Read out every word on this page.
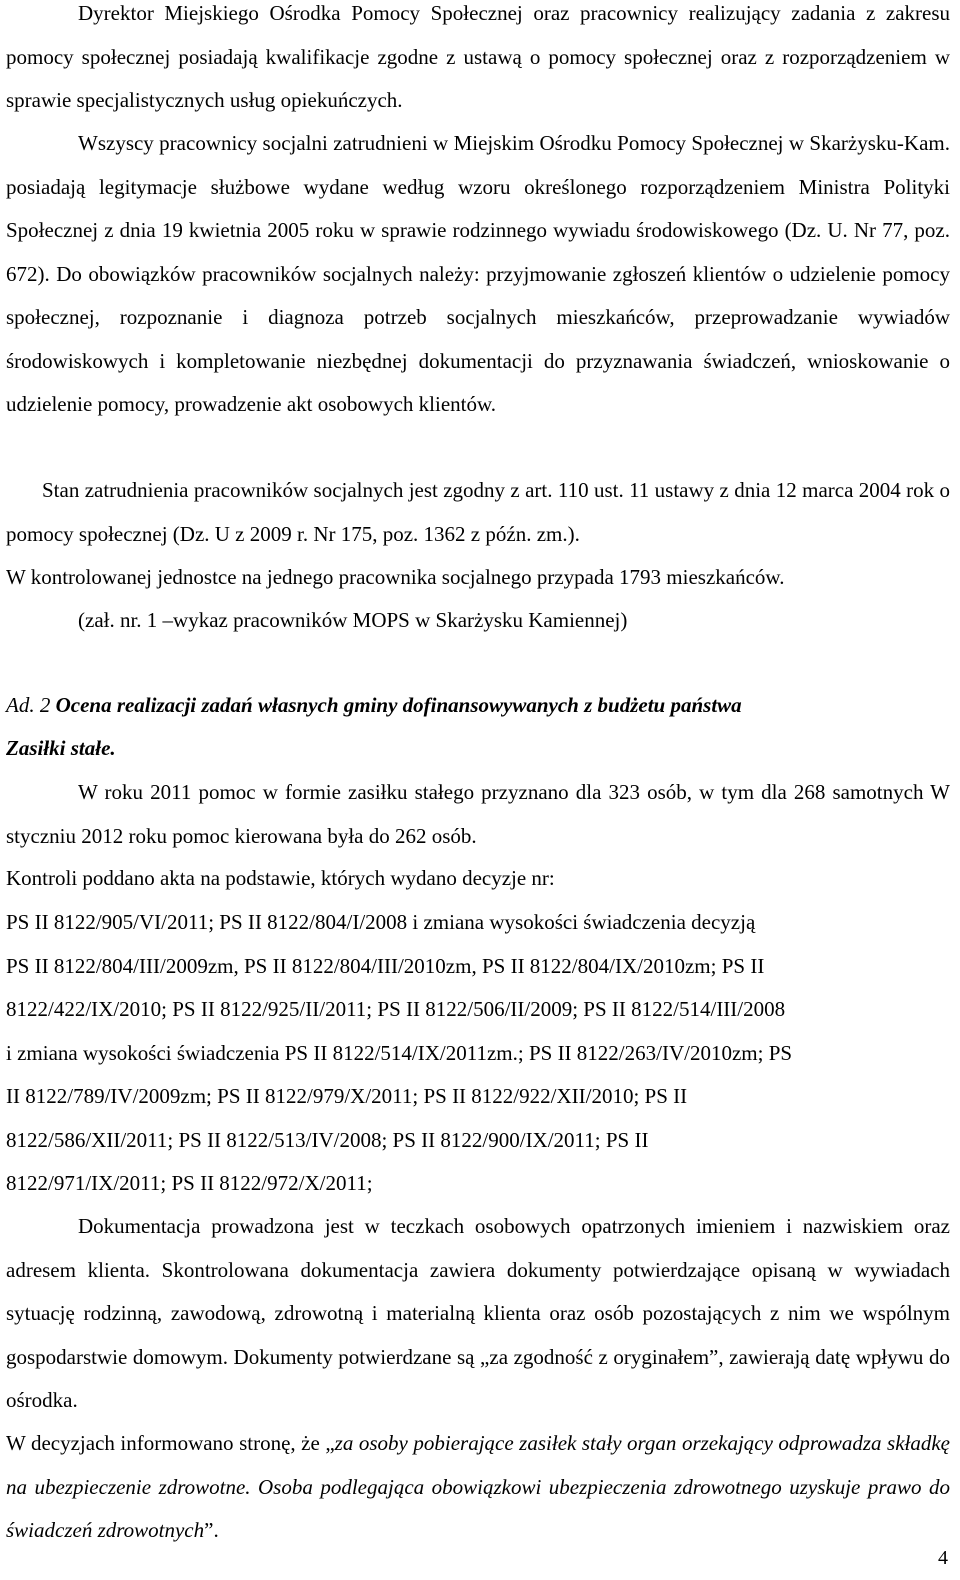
Dyrektor Miejskiego Ośrodka Pomocy Społecznej oraz pracownicy realizujący zadania z zakresu pomocy społecznej posiadają kwalifikacje zgodne z ustawą o pomocy społecznej oraz z rozporządzeniem w sprawie specjalistycznych usług opiekuńczych.

Wszyscy pracownicy socjalni zatrudnieni w Miejskim Ośrodku Pomocy Społecznej w Skarżysku-Kam. posiadają legitymacje służbowe wydane według wzoru określonego rozporządzeniem Ministra Polityki Społecznej z dnia 19 kwietnia 2005 roku w sprawie rodzinnego wywiadu środowiskowego (Dz. U. Nr 77, poz. 672). Do obowiązków pracowników socjalnych należy: przyjmowanie zgłoszeń klientów o udzielenie pomocy społecznej, rozpoznanie i diagnoza potrzeb socjalnych mieszkańców, przeprowadzanie wywiadów środowiskowych i kompletowanie niezbędnej dokumentacji do przyznawania świadczeń, wnioskowanie o udzielenie pomocy, prowadzenie akt osobowych klientów.

Stan zatrudnienia pracowników socjalnych jest zgodny z art. 110 ust. 11 ustawy z dnia 12 marca 2004 rok o pomocy społecznej (Dz. U z 2009 r. Nr 175, poz. 1362 z późn. zm.).

W kontrolowanej jednostce na jednego pracownika socjalnego przypada 1793 mieszkańców.

(zał. nr. 1 –wykaz pracowników MOPS w Skarżysku Kamiennej)

Ad. 2 Ocena realizacji zadań własnych gminy dofinansowywanych z budżetu państwa

Zasiłki stałe.

W roku 2011 pomoc w formie zasiłku stałego przyznano dla 323 osób, w tym dla 268 samotnych W styczniu 2012 roku pomoc kierowana była do 262 osób.

Kontroli poddano akta na podstawie, których wydano decyzje nr:

PS II 8122/905/VI/2011; PS II 8122/804/I/2008 i zmiana wysokości świadczenia decyzją

PS II 8122/804/III/2009zm, PS II 8122/804/III/2010zm, PS II 8122/804/IX/2010zm; PS II

8122/422/IX/2010; PS II 8122/925/II/2011; PS II 8122/506/II/2009; PS II 8122/514/III/2008

i zmiana wysokości świadczenia PS II 8122/514/IX/2011zm.; PS II 8122/263/IV/2010zm; PS

II 8122/789/IV/2009zm; PS II 8122/979/X/2011; PS II 8122/922/XII/2010; PS II

8122/586/XII/2011; PS II 8122/513/IV/2008; PS II 8122/900/IX/2011; PS II

8122/971/IX/2011; PS II 8122/972/X/2011;

Dokumentacja prowadzona jest w teczkach osobowych opatrzonych imieniem i nazwiskiem oraz adresem klienta. Skontrolowana dokumentacja zawiera dokumenty potwierdzające opisaną w wywiadach sytuację rodzinną, zawodową, zdrowotną i materialną klienta oraz osób pozostających z nim we wspólnym gospodarstwie domowym. Dokumenty potwierdzane są „za zgodność z oryginałem”, zawierają datę wpływu do ośrodka.

W decyzjach informowano stronę, że „za osoby pobierające zasiłek stały organ orzekający odprowadza składkę na ubezpieczenie zdrowotne. Osoba podlegająca obowiązkowi ubezpieczenia zdrowotnego uzyskuje prawo do świadczeń zdrowotnych”.

4
